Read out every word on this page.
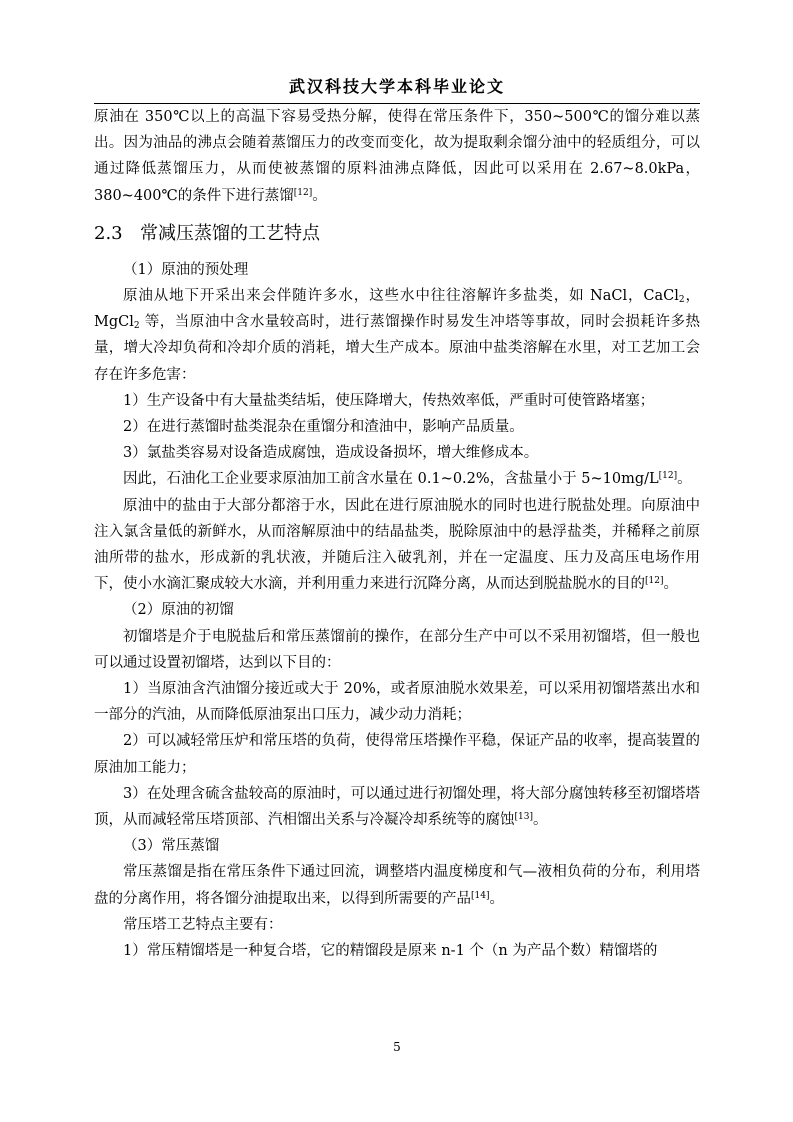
武汉科技大学本科毕业论文

原油在 350℃以上的高温下容易受热分解，使得在常压条件下，350~500℃的馏分难以蒸出。因为油品的沸点会随着蒸馏压力的改变而变化，故为提取剩余馏分油中的轻质组分，可以通过降低蒸馏压力，从而使被蒸馏的原料油沸点降低，因此可以采用在 2.67~8.0kPa，380~400℃的条件下进行蒸馏[12]。

2.3 常减压蒸馏的工艺特点

（1）原油的预处理

原油从地下开采出来会伴随许多水，这些水中往往溶解许多盐类，如 NaCl，CaCl$_2$，MgCl$_2$ 等，当原油中含水量较高时，进行蒸馏操作时易发生冲塔等事故，同时会损耗许多热量，增大冷却负荷和冷却介质的消耗，增大生产成本。原油中盐类溶解在水里，对工艺加工会存在许多危害：

1）生产设备中有大量盐类结垢，使压降增大，传热效率低，严重时可使管路堵塞；

2）在进行蒸馏时盐类混杂在重馏分和渣油中，影响产品质量。

3）氯盐类容易对设备造成腐蚀，造成设备损坏，增大维修成本。

因此，石油化工企业要求原油加工前含水量在 0.1~0.2%，含盐量小于 5~10mg/L[12]。

原油中的盐由于大部分都溶于水，因此在进行原油脱水的同时也进行脱盐处理。向原油中注入氯含量低的新鲜水，从而溶解原油中的结晶盐类，脱除原油中的悬浮盐类，并稀释之前原油所带的盐水，形成新的乳状液，并随后注入破乳剂，并在一定温度、压力及高压电场作用下，使小水滴汇聚成较大水滴，并利用重力来进行沉降分离，从而达到脱盐脱水的目的[12]。

（2）原油的初馏

初馏塔是介于电脱盐后和常压蒸馏前的操作，在部分生产中可以不采用初馏塔，但一般也可以通过设置初馏塔，达到以下目的：

1）当原油含汽油馏分接近或大于 20%，或者原油脱水效果差，可以采用初馏塔蒸出水和一部分的汽油，从而降低原油泵出口压力，减少动力消耗；

2）可以减轻常压炉和常压塔的负荷，使得常压塔操作平稳，保证产品的收率，提高装置的原油加工能力；

3）在处理含硫含盐较高的原油时，可以通过进行初馏处理，将大部分腐蚀转移至初馏塔塔顶，从而减轻常压塔顶部、汽相馏出关系与冷凝冷却系统等的腐蚀[13]。

（3）常压蒸馏

常压蒸馏是指在常压条件下通过回流，调整塔内温度梯度和气—液相负荷的分布，利用塔盘的分离作用，将各馏分油提取出来，以得到所需要的产品[14]。

常压塔工艺特点主要有：

1）常压精馏塔是一种复合塔，它的精馏段是原来 n-1 个（n 为产品个数）精馏塔的

5
